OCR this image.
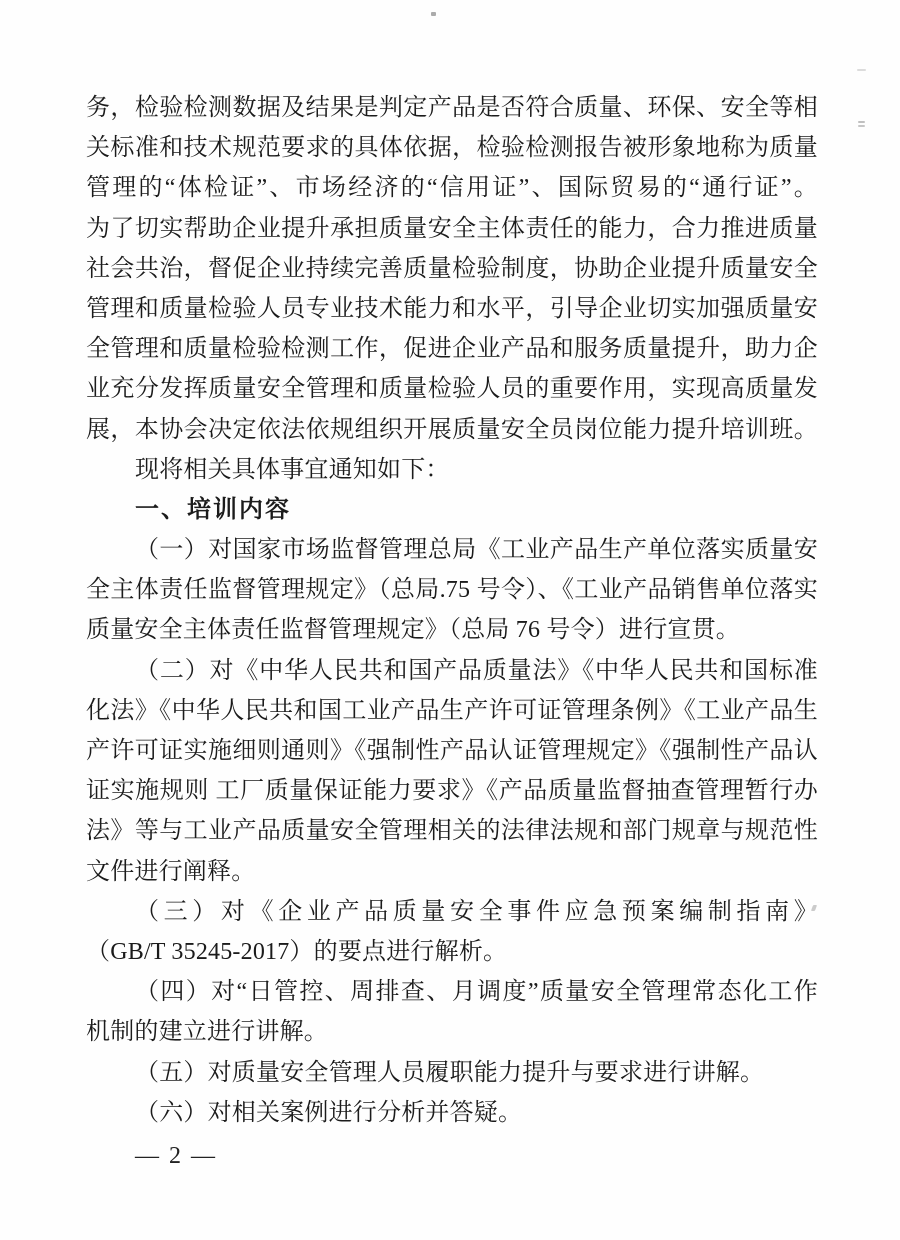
务，检验检测数据及结果是判定产品是否符合质量、环保、安全等相

关标准和技术规范要求的具体依据，检验检测报告被形象地称为质量

管理的“体检证”、市场经济的“信用证”、国际贸易的“通行证”。

为了切实帮助企业提升承担质量安全主体责任的能力，合力推进质量

社会共治，督促企业持续完善质量检验制度，协助企业提升质量安全

管理和质量检验人员专业技术能力和水平，引导企业切实加强质量安

全管理和质量检验检测工作，促进企业产品和服务质量提升，助力企

业充分发挥质量安全管理和质量检验人员的重要作用，实现高质量发

展，本协会决定依法依规组织开展质量安全员岗位能力提升培训班。

现将相关具体事宜通知如下：

一、培训内容

（一）对国家市场监督管理总局《工业产品生产单位落实质量安

全主体责任监督管理规定》（总局.75 号令）、《工业产品销售单位落实

质量安全主体责任监督管理规定》（总局 76 号令）进行宣贯。

（二）对《中华人民共和国产品质量法》《中华人民共和国标准

化法》《中华人民共和国工业产品生产许可证管理条例》《工业产品生

产许可证实施细则通则》《强制性产品认证管理规定》《强制性产品认

证实施规则 工厂质量保证能力要求》《产品质量监督抽查管理暂行办

法》等与工业产品质量安全管理相关的法律法规和部门规章与规范性

文件进行阐释。

（三）对《企业产品质量安全事件应急预案编制指南》

（GB/T 35245-2017）的要点进行解析。

（四）对“日管控、周排查、月调度”质量安全管理常态化工作

机制的建立进行讲解。

（五）对质量安全管理人员履职能力提升与要求进行讲解。

（六）对相关案例进行分析并答疑。

— 2 —
